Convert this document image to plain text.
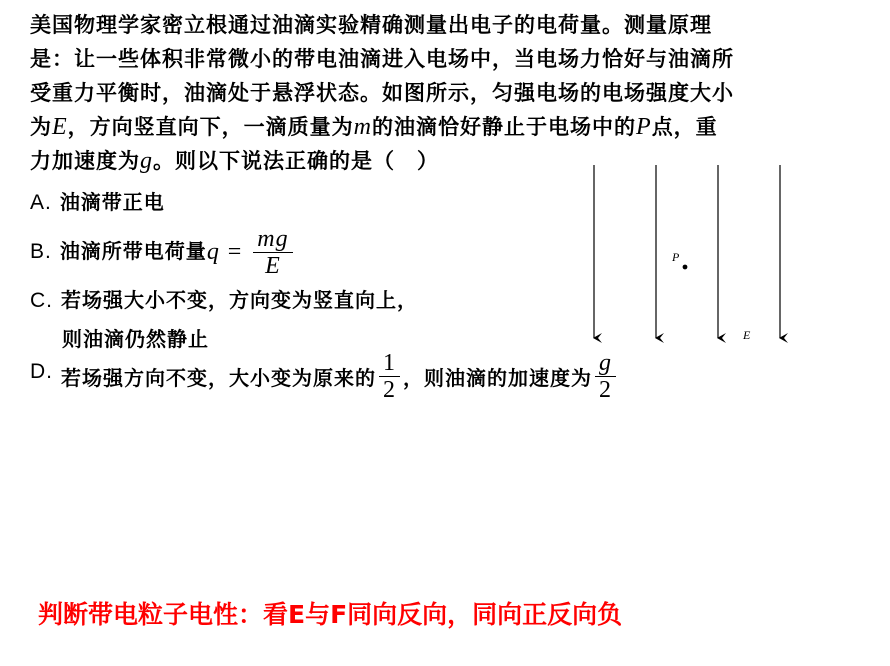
美国物理学家密立根通过油滴实验精确测量出电子的电荷量。测量原理
是：让一些体积非常微小的带电油滴进入电场中，当电场力恰好与油滴所
受重力平衡时，油滴处于悬浮状态。如图所示，匀强电场的电场强度大小
为E，方向竖直向下，一滴质量为m的油滴恰好静止于电场中的P点，重
力加速度为g。则以下说法正确的是（　）
A. 油滴带正电
B. 油滴所带电荷量$q = \frac{mg}{E}$
C. 若场强大小不变，方向变为竖直向上，
则油滴仍然静止
D. 若场强方向不变，大小变为原来的 $\frac{1}{2}$ ，则油滴的加速度为 $\frac{g}{2}$
P
E
判断带电粒子电性：看E与F同向反向，同向正反向负
